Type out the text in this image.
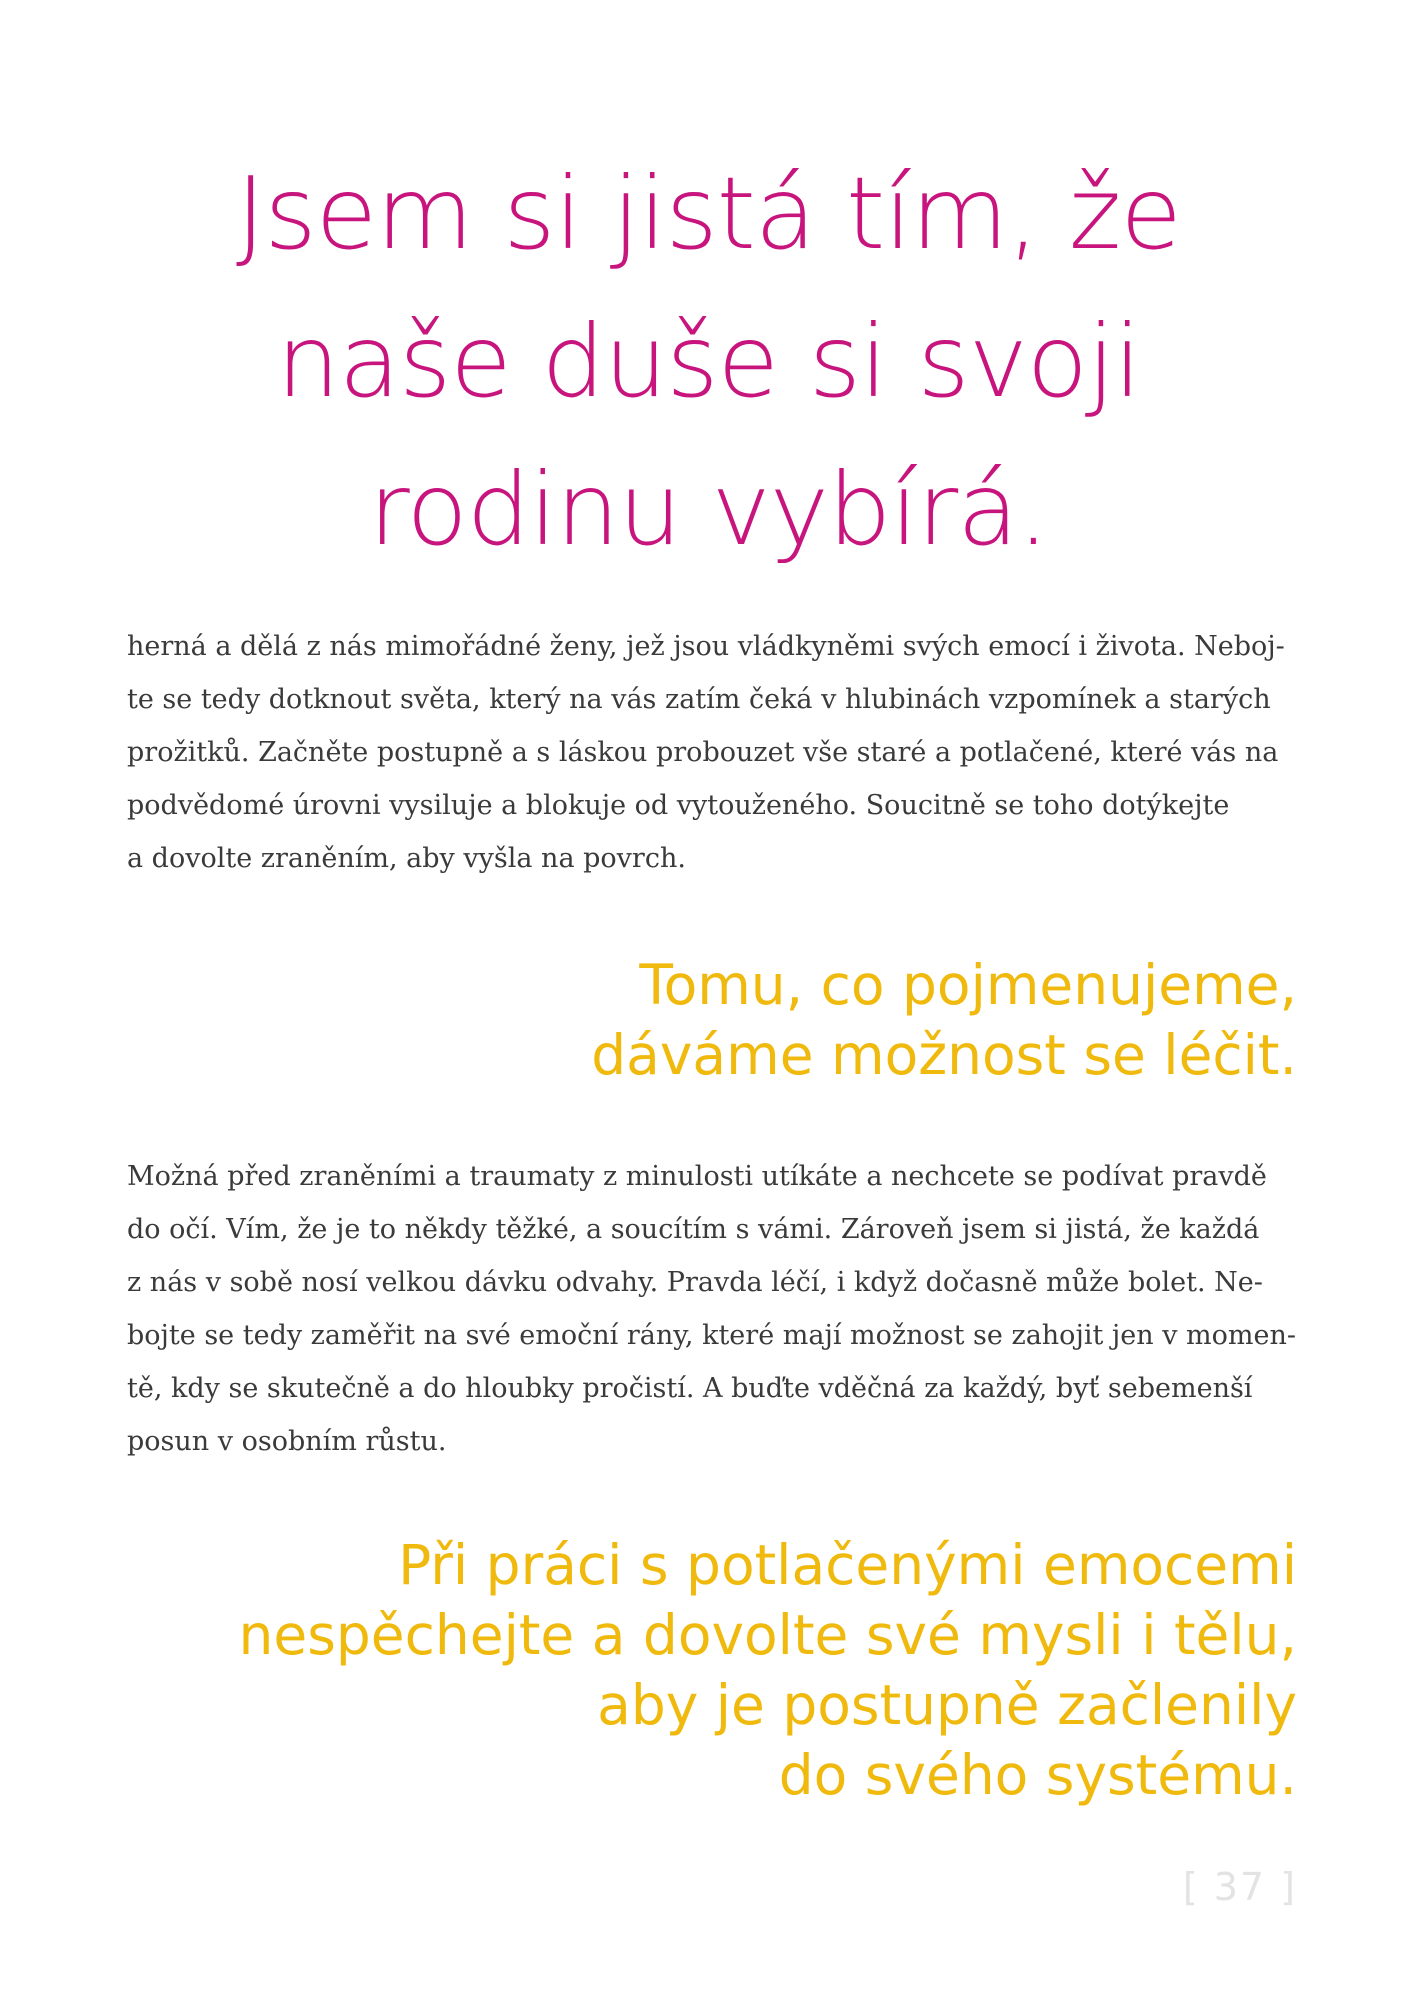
Jsem si jistá tím, že
naše duše si svoji
rodinu vybírá.
herná a dělá z nás mimořádné ženy, jež jsou vládkyněmi svých emocí i života. Neboj-
te se tedy dotknout světa, který na vás zatím čeká v hlubinách vzpomínek a starých
prožitků. Začněte postupně a s láskou probouzet vše staré a potlačené, které vás na
podvědomé úrovni vysiluje a blokuje od vytouženého. Soucitně se toho dotýkejte
a dovolte zraněním, aby vyšla na povrch.
Tomu, co pojmenujeme,
dáváme možnost se léčit.
Možná před zraněními a traumaty z minulosti utíkáte a nechcete se podívat pravdě
do očí. Vím, že je to někdy těžké, a soucítím s vámi. Zároveň jsem si jistá, že každá
z nás v sobě nosí velkou dávku odvahy. Pravda léčí, i když dočasně může bolet. Ne-
bojte se tedy zaměřit na své emoční rány, které mají možnost se zahojit jen v momen-
tě, kdy se skutečně a do hloubky pročistí. A buďte vděčná za každý, byť sebemenší
posun v osobním růstu.
Při práci s potlačenými emocemi
nespěchejte a dovolte své mysli i tělu,
aby je postupně začlenily
do svého systému.
[ 37 ]
